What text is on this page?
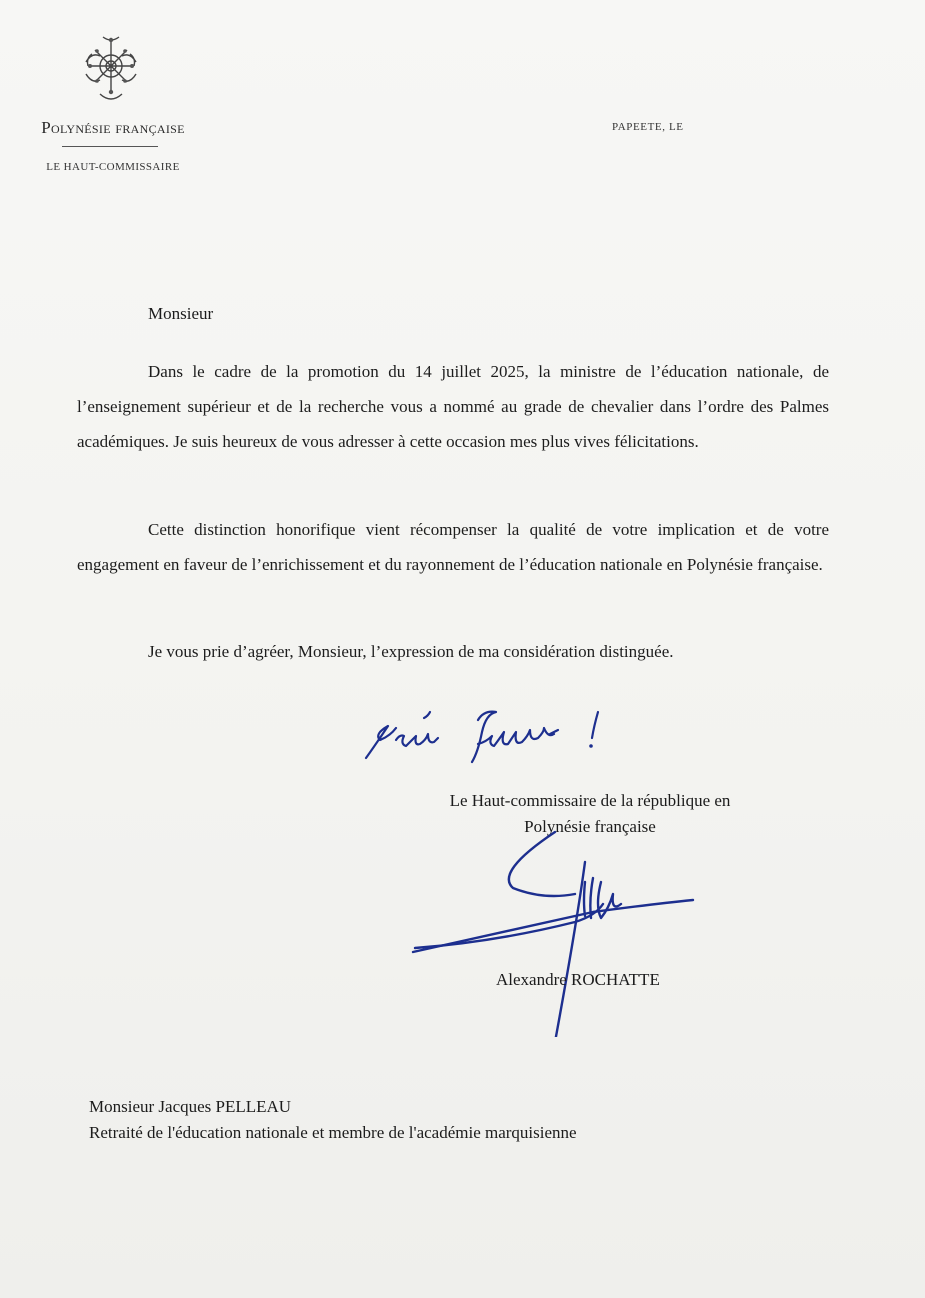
Polynésie française
LE HAUT-COMMISSAIRE
PAPEETE, LE
Monsieur
Dans le cadre de la promotion du 14 juillet 2025, la ministre de l’éducation nationale, de l’enseignement supérieur et de la recherche vous a nommé au grade de chevalier dans l’ordre des Palmes académiques. Je suis heureux de vous adresser à cette occasion mes plus vives félicitations.
Cette distinction honorifique vient récompenser la qualité de votre implication et de votre engagement en faveur de l’enrichissement et du rayonnement de l’éducation nationale en Polynésie française.
Je vous prie d’agréer, Monsieur, l’expression de ma considération distinguée.
Le Haut-commissaire de la république en
Polynésie française
Alexandre ROCHATTE
Monsieur Jacques PELLEAU
Retraité de l'éducation nationale et membre de l'académie marquisienne
